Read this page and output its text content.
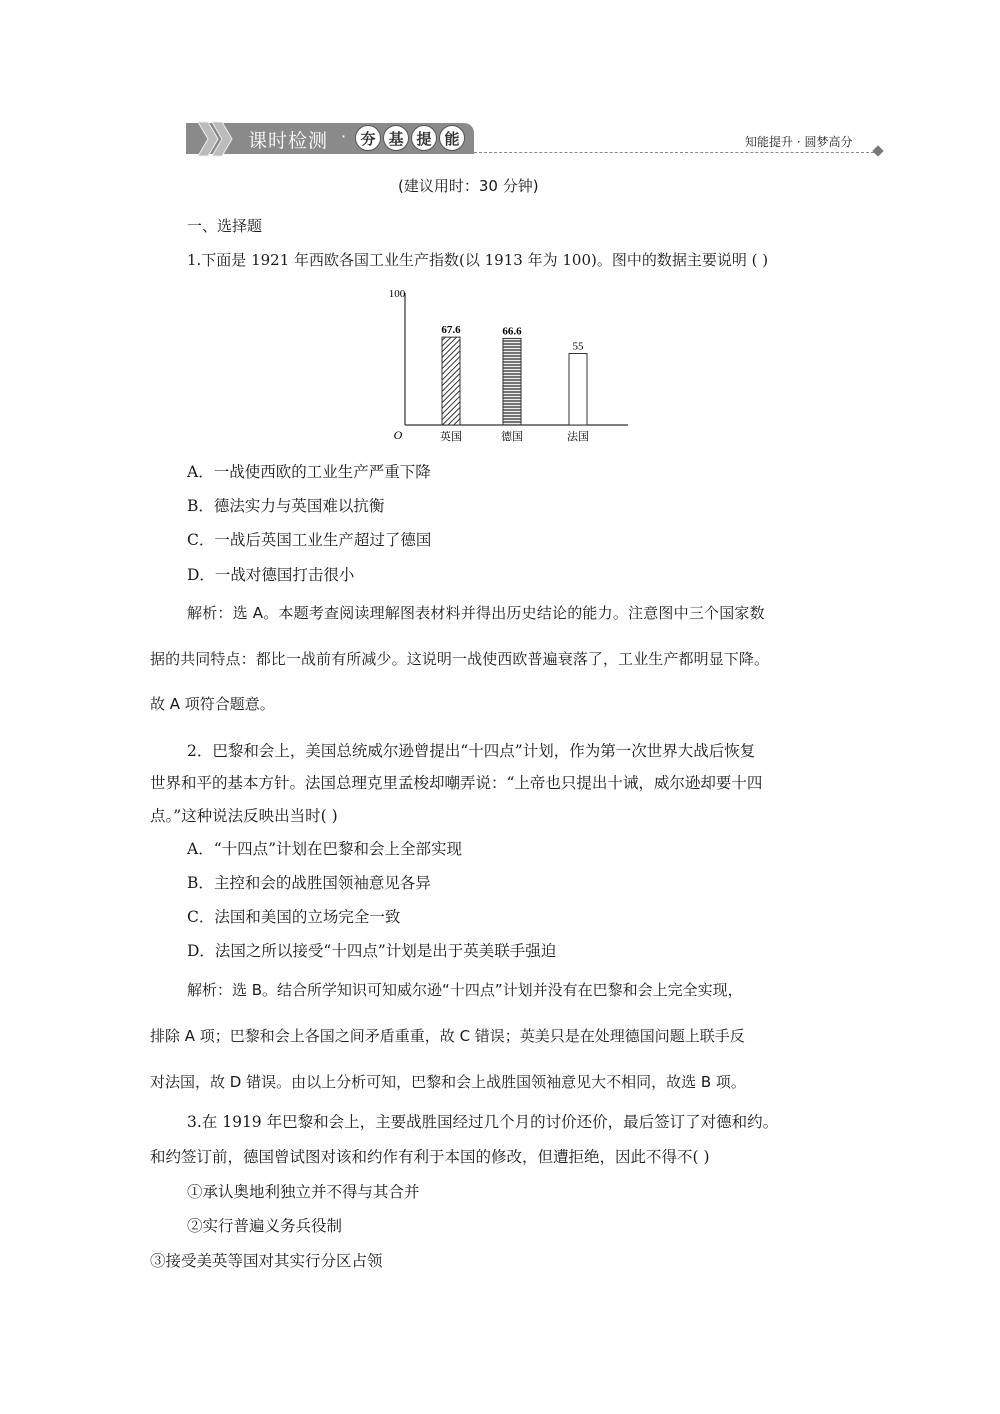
课时检测 · 夯 基 提 能	知能提升 · 圆梦高分
(建议用时：30 分钟)
一、选择题
1.下面是 1921 年西欧各国工业生产指数(以 1913 年为 100)。图中的数据主要说明 ( )
100
O
67.6
英国
66.6
德国
55
法国
A．一战使西欧的工业生产严重下降
B．德法实力与英国难以抗衡
C．一战后英国工业生产超过了德国
D．一战对德国打击很小
解析：选 A。本题考查阅读理解图表材料并得出历史结论的能力。注意图中三个国家数
据的共同特点：都比一战前有所减少。这说明一战使西欧普遍衰落了，工业生产都明显下降。
故 A 项符合题意。
2．巴黎和会上，美国总统威尔逊曾提出“十四点”计划，作为第一次世界大战后恢复
世界和平的基本方针。法国总理克里孟梭却嘲弄说：“上帝也只提出十诫，威尔逊却要十四
点。”这种说法反映出当时( )
A．“十四点”计划在巴黎和会上全部实现
B．主控和会的战胜国领袖意见各异
C．法国和美国的立场完全一致
D．法国之所以接受“十四点”计划是出于英美联手强迫
解析：选 B。结合所学知识可知威尔逊“十四点”计划并没有在巴黎和会上完全实现，
排除 A 项；巴黎和会上各国之间矛盾重重，故 C 错误；英美只是在处理德国问题上联手反
对法国，故 D 错误。由以上分析可知，巴黎和会上战胜国领袖意见大不相同，故选 B 项。
3.在 1919 年巴黎和会上，主要战胜国经过几个月的讨价还价，最后签订了对德和约。
和约签订前，德国曾试图对该和约作有利于本国的修改，但遭拒绝，因此不得不( )
①承认奥地利独立并不得与其合并
②实行普遍义务兵役制
③接受美英等国对其实行分区占领
